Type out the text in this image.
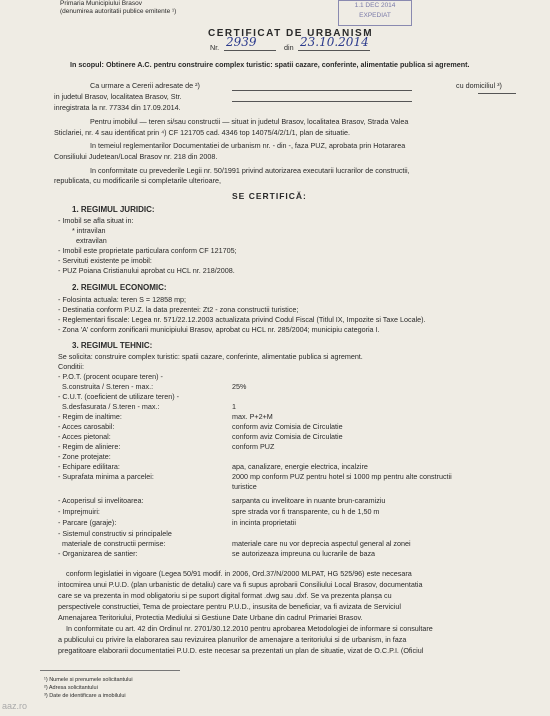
Primaria Municipiului Brasov
(denumirea autoritatii publice emitente ¹)
1.1 DEC 2014
EXPEDIAT
CERTIFICAT DE URBANISM
Nr. 2939	din 23.10.2014
In scopul: Obtinere A.C. pentru construire complex turistic: spatii cazare, conferinte, alimentatie publica si agrement.
Ca urmare a Cererii adresate de ²)	cu domiciliul ³)
in judetul Brasov, localitatea Brasov, Str.
inregistrata la nr. 77334 din 17.09.2014.
Pentru imobilul — teren si/sau constructii — situat in judetul Brasov, localitatea Brasov, Strada Valea
Sticlariei, nr. 4 sau identificat prin ⁴) CF 121705 cad. 4346 top 14075/4/2/1/1, plan de situatie.
In temeiul reglementarilor Documentatiei de urbanism nr. - din -, faza PUZ, aprobata prin Hotararea
Consiliului Judetean/Local Brasov nr. 218 din 2008.
In conformitate cu prevederile Legii nr. 50/1991 privind autorizarea executarii lucrarilor de constructii,
republicata, cu modificarile si completarile ulterioare,
SE CERTIFICĂ:
1. REGIMUL JURIDIC:
- Imobil se afla situat in:
* intravilan
extravilan
- Imobil este proprietate particulara conform CF 121705;
- Servituti existente pe imobil:
- PUZ Poiana Cristianului aprobat cu HCL nr. 218/2008.
2. REGIMUL ECONOMIC:
- Folosinta actuala: teren S = 12858 mp;
- Destinatia conform P.U.Z. la data prezentei: Zt2 - zona constructii turistice;
- Reglementari fiscale: Legea nr. 571/22.12.2003 actualizata privind Codul Fiscal (Titlul IX, Impozite si Taxe Locale).
- Zona 'A' conform zonificarii municipiului Brasov, aprobat cu HCL nr. 285/2004; municipiu categoria I.
3. REGIMUL TEHNIC:
Se solicita: construire complex turistic: spatii cazare, conferinte, alimentatie publica si agrement.
Conditii:
- P.O.T. (procent ocupare teren) -
S.construita / S.teren - max.:	25%
- C.U.T. (coeficient de utilizare teren) -
S.desfasurata / S.teren - max.:	1
- Regim de inaltime:	max. P+2+M
- Acces carosabil:	conform aviz Comisia de Circulatie
- Acces pietonal:	conform aviz Comisia de Circulatie
- Regim de aliniere:	conform PUZ
- Zone protejate:
- Echipare edilitara:	apa, canalizare, energie electrica, incalzire
- Suprafata minima a parcelei:	2000 mp conform PUZ pentru hotel si 1000 mp pentru alte constructii
turistice
- Acoperisul si invelitoarea:	sarpanta cu invelitoare in nuante brun-caramiziu
- Imprejmuiri:	spre strada vor fi transparente, cu h de 1,50 m
- Parcare (garaje):	in incinta proprietatii
- Sistemul constructiv si principalele
materiale de constructii permise:	materiale care nu vor depreciа aspectul general al zonei
- Organizarea de santier:	se autorizeaza impreuna cu lucrarile de baza
conform legislatiei in vigoare (Legea 50/91 modif. in 2006, Ord.37/N/2000 MLPAT, HG 525/96) este necesara
intocmirea unui P.U.D. (plan urbanistic de detaliu) care va fi supus aprobarii Consiliului Local Brasov, documentatia
care se va prezenta in mod obligatoriu si pe suport digital format .dwg sau .dxf. Se va prezenta planșa cu
perspectivele constructiei, Tema de proiectare pentru P.U.D., insusita de beneficiar, va fi avizata de Serviciul
Amenajarea Teritoriului, Protectia Mediului si Gestiune Date Urbane din cadrul Primariei Brasov.
In conformitate cu art. 42 din Ordinul nr. 2701/30.12.2010 pentru aprobarea Metodologiei de informare si consultare
a publicului cu privire la elaborarea sau revizuirea planurilor de amenajare a teritoriului si de urbanism, in faza
pregatitoare elaborarii documentatiei P.U.D. este necesar sa prezentati un plan de situatie, vizat de O.C.P.I. (Oficiul
¹) Numele si prenumele solicitantului
²) Adresa solicitantului
³) Date de identificare a imobilului
aaz.ro
